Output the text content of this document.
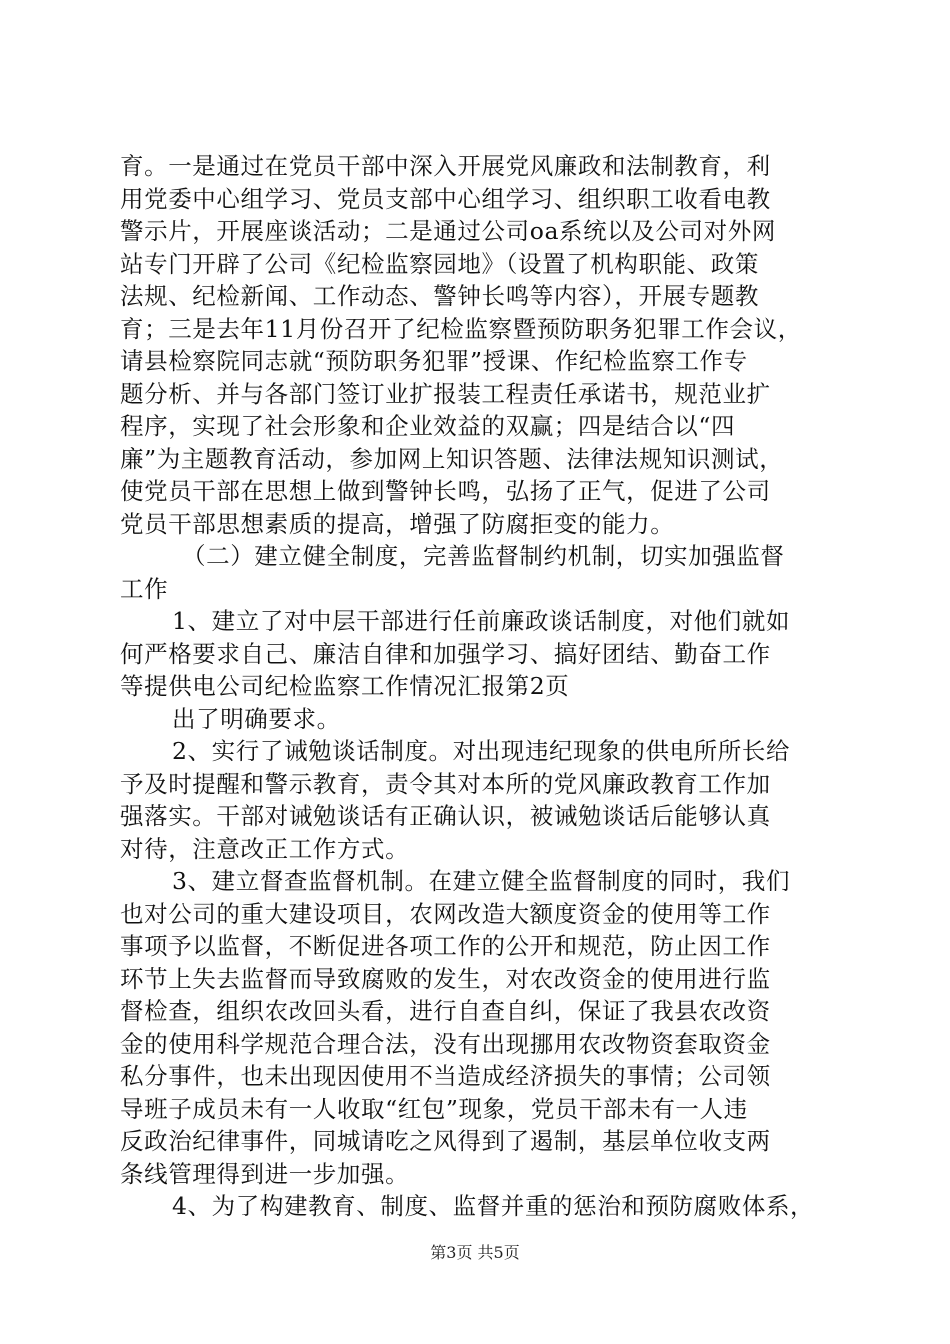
育。一是通过在党员干部中深入开展党风廉政和法制教育，利
用党委中心组学习、党员支部中心组学习、组织职工收看电教
警示片，开展座谈活动；二是通过公司oa系统以及公司对外网
站专门开辟了公司《纪检监察园地》（设置了机构职能、政策
法规、纪检新闻、工作动态、警钟长鸣等内容），开展专题教
育；三是去年11月份召开了纪检监察暨预防职务犯罪工作会议，
请县检察院同志就“预防职务犯罪”授课、作纪检监察工作专
题分析、并与各部门签订业扩报装工程责任承诺书，规范业扩
程序，实现了社会形象和企业效益的双赢；四是结合以“四
廉”为主题教育活动，参加网上知识答题、法律法规知识测试，
使党员干部在思想上做到警钟长鸣，弘扬了正气，促进了公司
党员干部思想素质的提高，增强了防腐拒变的能力。
（二）建立健全制度，完善监督制约机制，切实加强监督
工作
1、建立了对中层干部进行任前廉政谈话制度，对他们就如
何严格要求自己、廉洁自律和加强学习、搞好团结、勤奋工作
等提供电公司纪检监察工作情况汇报第2页
出了明确要求。
2、实行了诫勉谈话制度。对出现违纪现象的供电所所长给
予及时提醒和警示教育，责令其对本所的党风廉政教育工作加
强落实。干部对诫勉谈话有正确认识，被诫勉谈话后能够认真
对待，注意改正工作方式。
3、建立督查监督机制。在建立健全监督制度的同时，我们
也对公司的重大建设项目，农网改造大额度资金的使用等工作
事项予以监督，不断促进各项工作的公开和规范，防止因工作
环节上失去监督而导致腐败的发生，对农改资金的使用进行监
督检查，组织农改回头看，进行自查自纠，保证了我县农改资
金的使用科学规范合理合法，没有出现挪用农改物资套取资金
私分事件，也未出现因使用不当造成经济损失的事情；公司领
导班子成员未有一人收取“红包”现象，党员干部未有一人违
反政治纪律事件，同城请吃之风得到了遏制，基层单位收支两
条线管理得到进一步加强。
4、为了构建教育、制度、监督并重的惩治和预防腐败体系，
第3页 共5页
